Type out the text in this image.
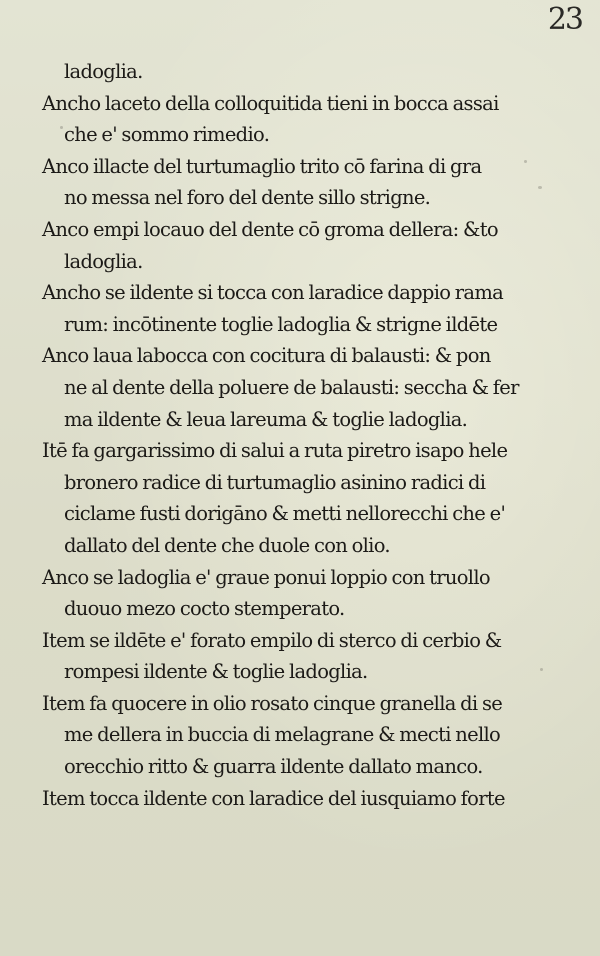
23
ladoglia.
Ancho laceto della colloquitida tieni in bocca assai
che e' sommo rimedio.
Anco illacte del turtumaglio trito cō farina di gra
no messa nel foro del dente sillo strigne.
Anco empi locauo del dente cō groma dellera: &to
ladoglia.
Ancho se ildente si tocca con laradice dappio rama
rum: incōtinente toglie ladoglia & strigne ildēte
Anco laua labocca con cocitura di balausti: & pon
ne al dente della poluere de balausti: seccha & fer
ma ildente & leua lareuma & toglie ladoglia.
Itē fa gargarissimo di salui a ruta piretro isapo hele
bronero radice di turtumaglio asinino radici di
ciclame fusti dorigāno & metti nellorecchi che e'
dallato del dente che duole con olio.
Anco se ladoglia e' graue ponui loppio con truollo
duouo mezo cocto stemperato.
Item se ildēte e' forato empilo di sterco di cerbio &
rompesi ildente & toglie ladoglia.
Item fa quocere in olio rosato cinque granella di se
me dellera in buccia di melagrane & mecti nello
orecchio ritto & guarra ildente dallato manco.
Item tocca ildente con laradice del iusquiamo forte
